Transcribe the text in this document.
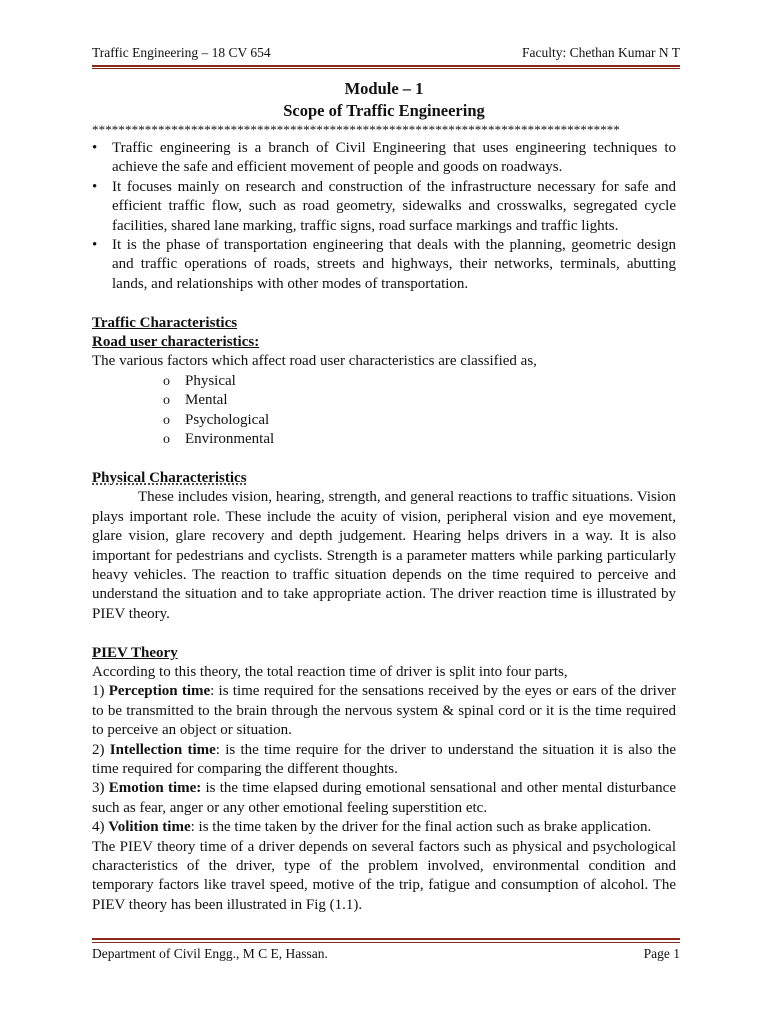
Traffic Engineering – 18 CV 654	Faculty: Chethan Kumar N T
Module – 1
Scope of Traffic Engineering
********************************************************************************
• Traffic engineering is a branch of Civil Engineering that uses engineering techniques to achieve the safe and efficient movement of people and goods on roadways.
• It focuses mainly on research and construction of the infrastructure necessary for safe and efficient traffic flow, such as road geometry, sidewalks and crosswalks, segregated cycle facilities, shared lane marking, traffic signs, road surface markings and traffic lights.
• It is the phase of transportation engineering that deals with the planning, geometric design and traffic operations of roads, streets and highways, their networks, terminals, abutting lands, and relationships with other modes of transportation.
Traffic Characteristics
Road user characteristics:

The various factors which affect road user characteristics are classified as,

o Physical
o Mental
o Psychological
o Environmental
Physical Characteristics

These includes vision, hearing, strength, and general reactions to traffic situations. Vision plays important role. These include the acuity of vision, peripheral vision and eye movement, glare vision, glare recovery and depth judgement. Hearing helps drivers in a way. It is also important for pedestrians and cyclists. Strength is a parameter matters while parking particularly heavy vehicles. The reaction to traffic situation depends on the time required to perceive and understand the situation and to take appropriate action. The driver reaction time is illustrated by PIEV theory.

PIEV Theory

According to this theory, the total reaction time of driver is split into four parts,

1) Perception time: is time required for the sensations received by the eyes or ears of the driver to be transmitted to the brain through the nervous system & spinal cord or it is the time required to perceive an object or situation.

2) Intellection time: is the time require for the driver to understand the situation it is also the time required for comparing the different thoughts.

3) Emotion time: is the time elapsed during emotional sensational and other mental disturbance such as fear, anger or any other emotional feeling superstition etc.

4) Volition time: is the time taken by the driver for the final action such as brake application.

The PIEV theory time of a driver depends on several factors such as physical and psychological characteristics of the driver, type of the problem involved, environmental condition and temporary factors like travel speed, motive of the trip, fatigue and consumption of alcohol. The PIEV theory has been illustrated in Fig (1.1).

Department of Civil Engg., M C E, Hassan.	Page 1
